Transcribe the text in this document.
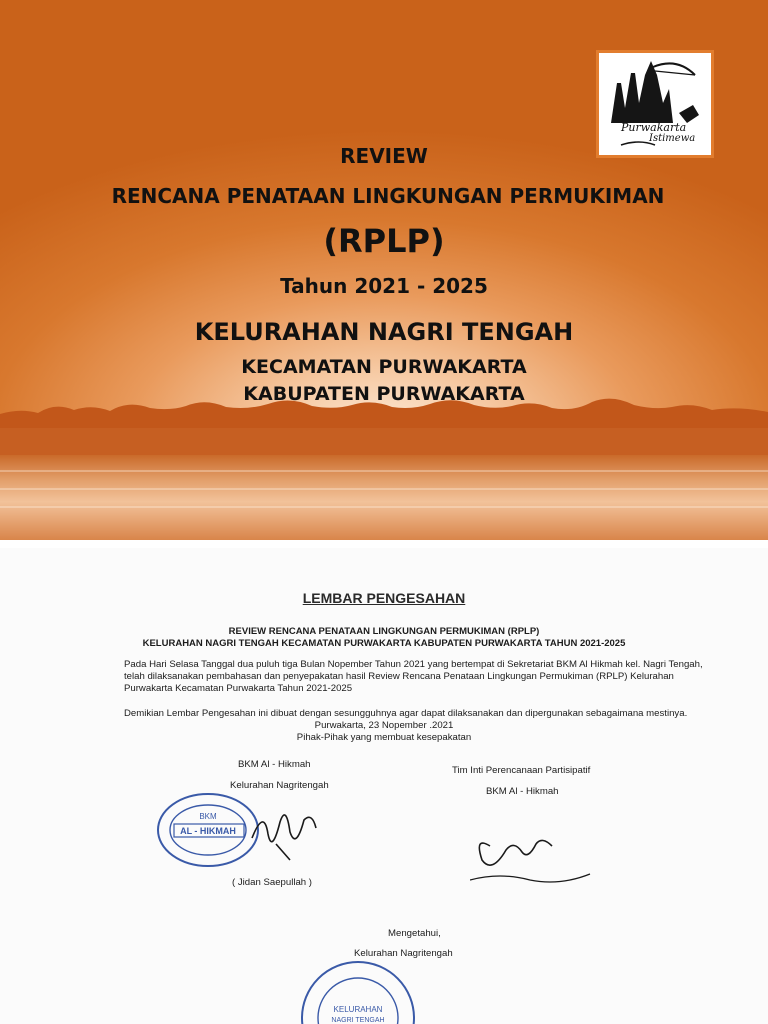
Purwakarta
Istimewa
REVIEW
RENCANA PENATAAN LINGKUNGAN PERMUKIMAN
(RPLP)
Tahun 2021 - 2025
KELURAHAN NAGRI TENGAH
KECAMATAN PURWAKARTA
KABUPATEN PURWAKARTA
LEMBAR PENGESAHAN
REVIEW RENCANA PENATAAN LINGKUNGAN PERMUKIMAN (RPLP)
KELURAHAN NAGRI TENGAH KECAMATAN PURWAKARTA KABUPATEN PURWAKARTA TAHUN 2021-2025
Pada Hari Selasa Tanggal dua puluh tiga Bulan Nopember Tahun 2021 yang bertempat di Sekretariat BKM Al Hikmah kel. Nagri Tengah,
telah dilaksanakan pembahasan dan penyepakatan hasil Review Rencana Penataan Lingkungan Permukiman (RPLP) Kelurahan
Purwakarta Kecamatan Purwakarta Tahun 2021-2025
Demikian Lembar Pengesahan ini dibuat dengan sesungguhnya agar dapat dilaksanakan dan dipergunakan sebagaimana mestinya.
Purwakarta, 23 Nopember .2021
Pihak-Pihak yang membuat kesepakatan
BKM Al - Hikmah
Kelurahan Nagritengah
Tim Inti Perencanaan Partisipatif
BKM Al - Hikmah
BKM
AL - HIKMAH
( Jidan Saepullah )
Mengetahui,
Kelurahan Nagritengah
KELURAHAN
NAGRI TENGAH
